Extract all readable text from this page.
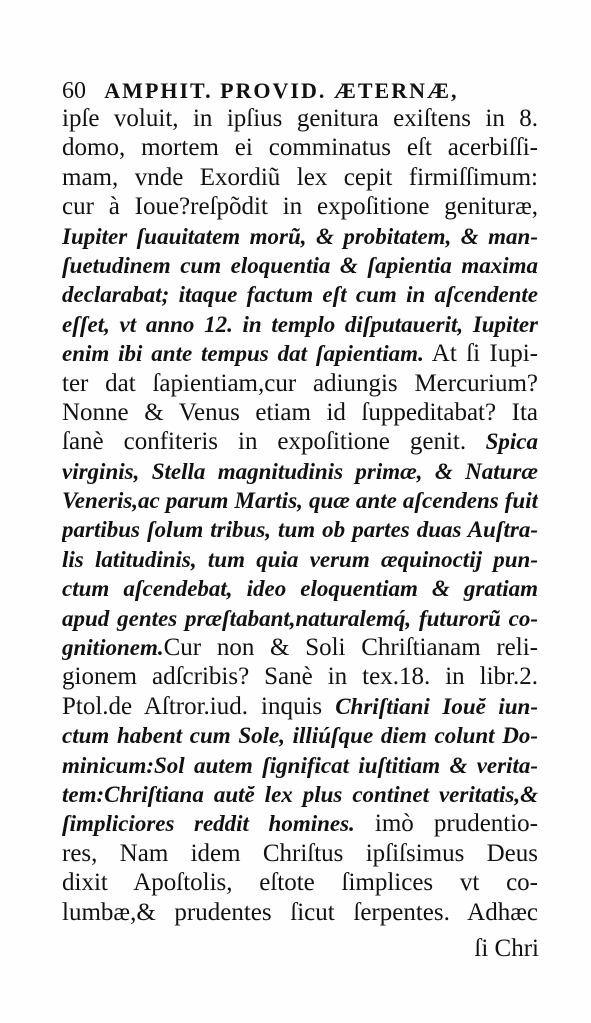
60 AMPHIT. PROVID. ÆTERNÆ,
ipſe voluit, in ipſius genitura exiſtens in 8.
domo, mortem ei comminatus eſt acerbiſſi-
mam, vnde Exordiũ lex cepit firmiſſimum:
cur à Ioue?reſpõdit in expoſitione genituræ,
Iupiter ſuauitatem morũ, & probitatem, & man-
ſuetudinem cum eloquentia & ſapientia maxima
declarabat; itaque factum eſt cum in aſcendente
eſſet, vt anno 12. in templo diſputauerit, Iupiter
enim ibi ante tempus dat ſapientiam. At ſi Iupi-
ter dat ſapientiam,cur adiungis Mercurium?
Nonne & Venus etiam id ſuppeditabat? Ita
ſanè confiteris in expoſitione genit. Spica
virginis, Stella magnitudinis primæ, & Naturæ
Veneris,ac parum Martis, quæ ante aſcendens fuit
partibus ſolum tribus, tum ob partes duas Auſtra-
lis latitudinis, tum quia verum æquinoctij pun-
ctum aſcendebat, ideo eloquentiam & gratiam
apud gentes præſtabant,naturalemq́, futurorũ co-
gnitionem.Cur non & Soli Chriſtianam reli-
gionem adſcribis? Sanè in tex.18. in libr.2.
Ptol.de Aſtror.iud. inquis Chriſtiani Iouĕ iun-
ctum habent cum Sole, illiúſque diem colunt Do-
minicum:Sol autem ſignificat iuſtitiam & verita-
tem:Chriſtiana autĕ lex plus continet veritatis,&
ſimpliciores reddit homines. imò prudentio-
res, Nam idem Chriſtus ipſiſsimus Deus
dixit Apoſtolis, eſtote ſimplices vt co-
lumbæ,& prudentes ſicut ſerpentes. Adhæc
ſi Chri
